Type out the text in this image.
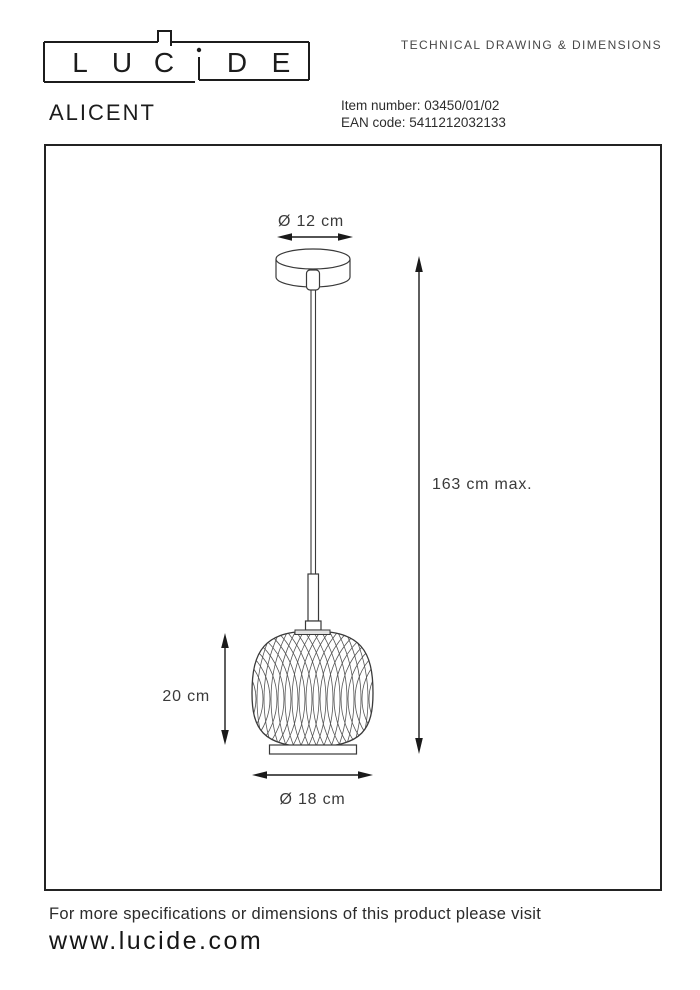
L U C D E
TECHNICAL DRAWING & DIMENSIONS
ALICENT	Item number: 03450/01/02
EAN code: 5411212032133
Ø 12 cm
20 cm
Ø 18 cm
163 cm max.
For more specifications or dimensions of this product please visit
www.lucide.com
